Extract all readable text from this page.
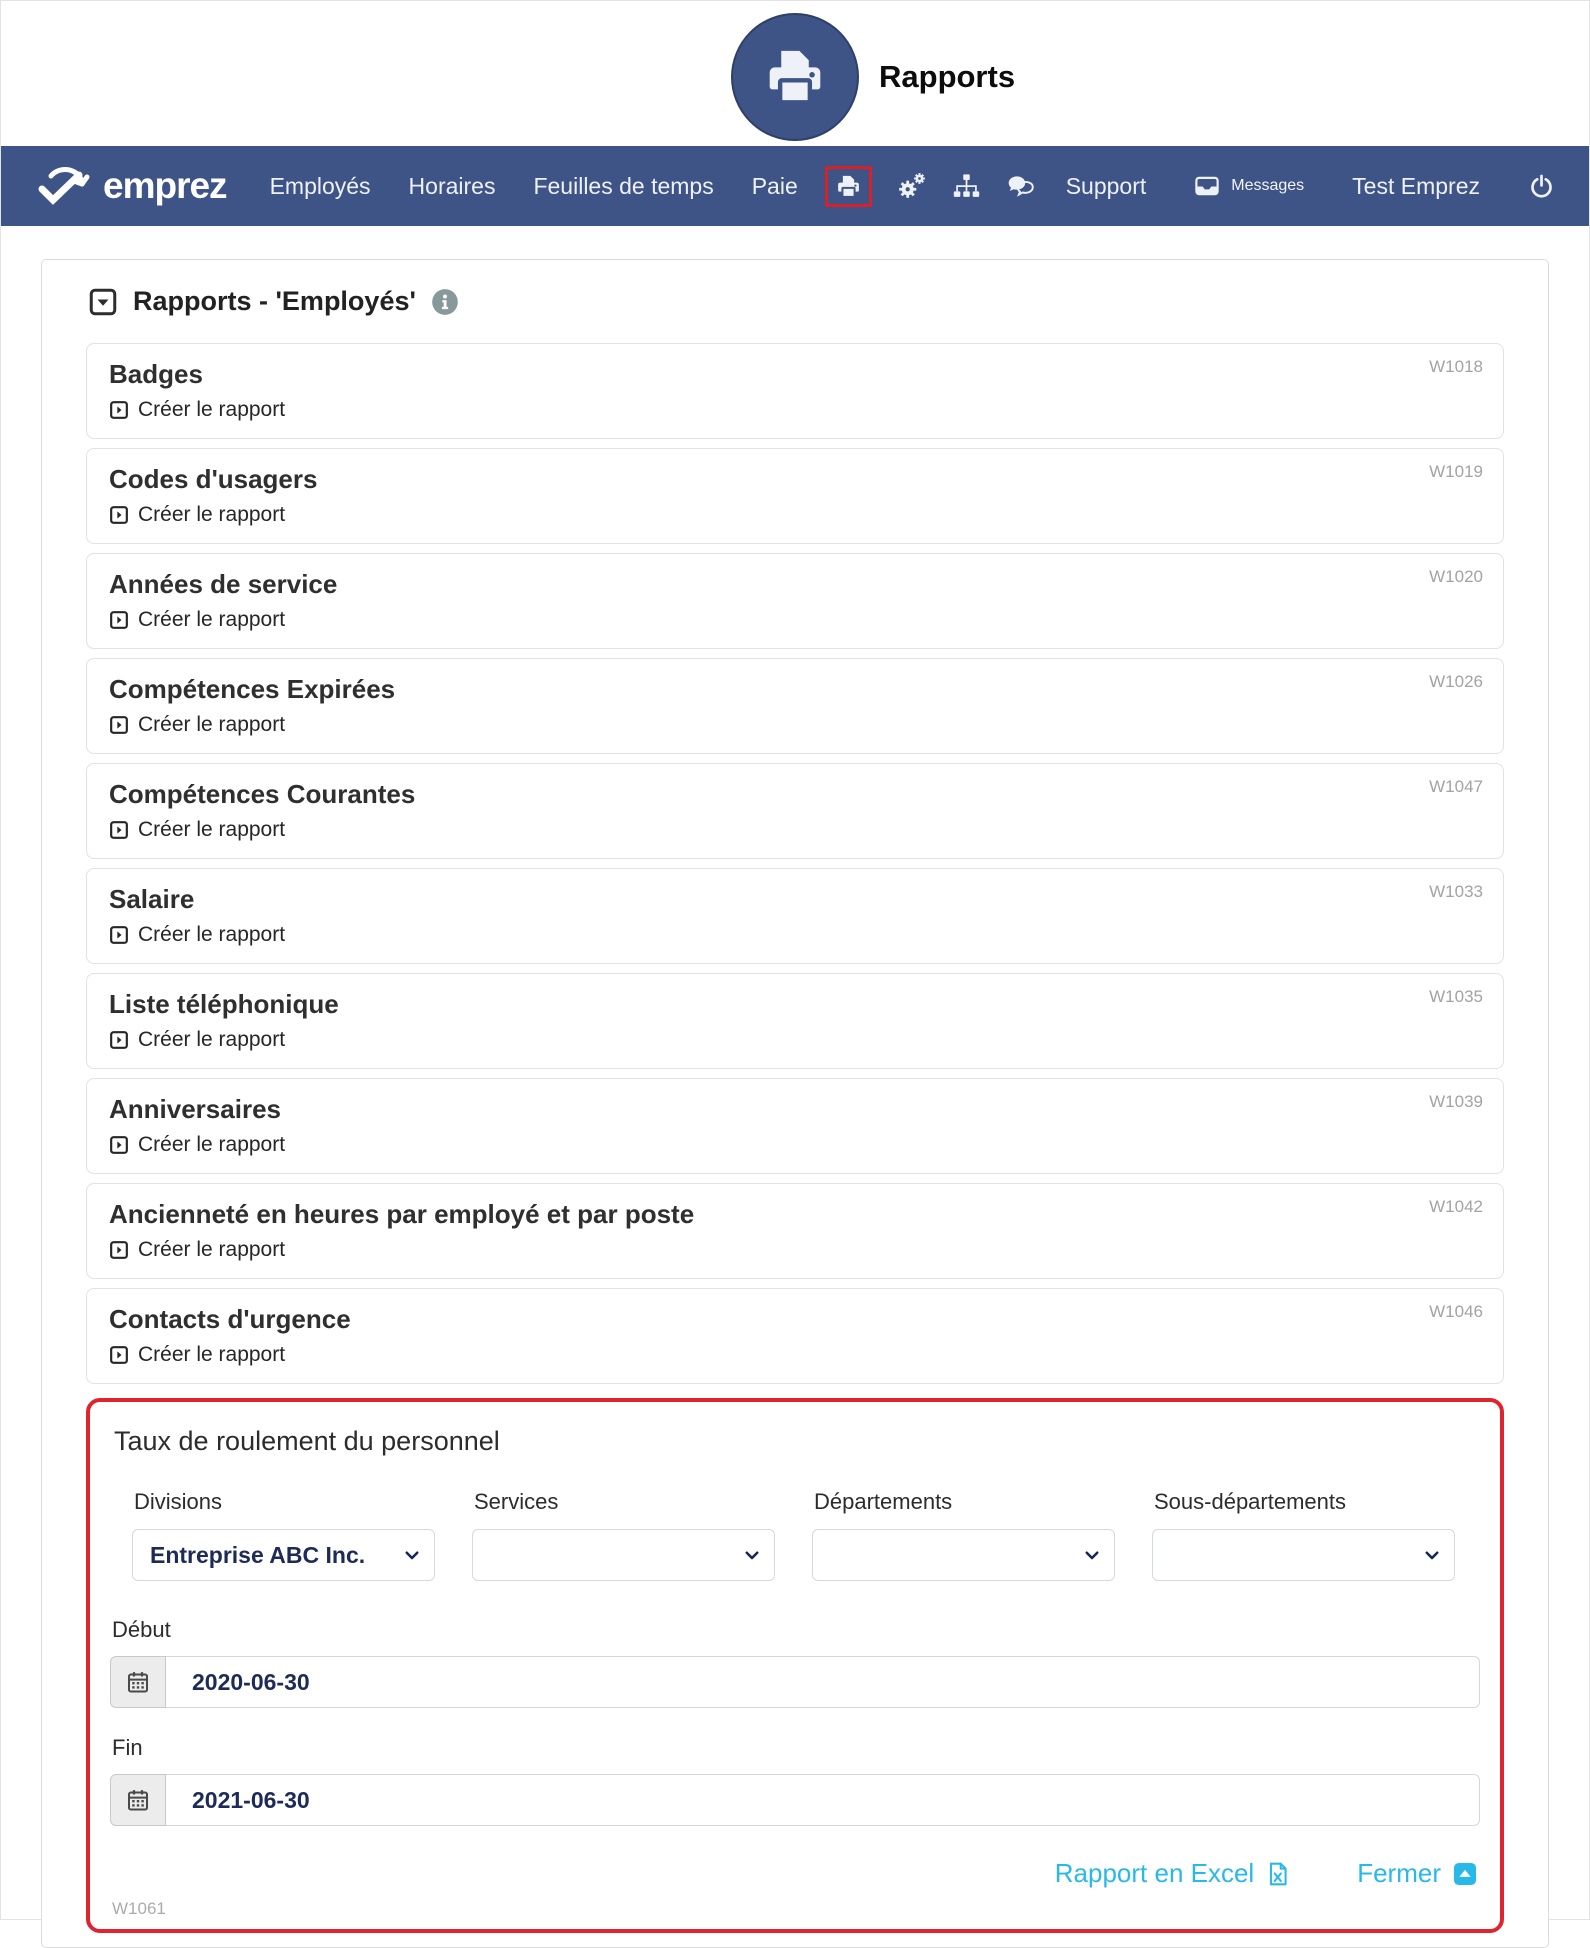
Rapports
emprez	Employés	Horaires	Feuilles de temps	Paie	Support	Messages Test Emprez
Rapports - 'Employés'
Badges
Créer le rapport
W1018
Codes d'usagers
Créer le rapport
W1019
Années de service
Créer le rapport
W1020
Compétences Expirées
Créer le rapport
W1026
Compétences Courantes
Créer le rapport
W1047
Salaire
Créer le rapport
W1033
Liste téléphonique
Créer le rapport
W1035
Anniversaires
Créer le rapport
W1039
Ancienneté en heures par employé et par poste
Créer le rapport
W1042
Contacts d'urgence
Créer le rapport
W1046
Taux de roulement du personnel
Divisions
Entreprise ABC Inc.
Services	Départements	Sous-départements
Début
2020-06-30
Fin
2021-06-30
Rapport en Excel	Fermer
W1061
